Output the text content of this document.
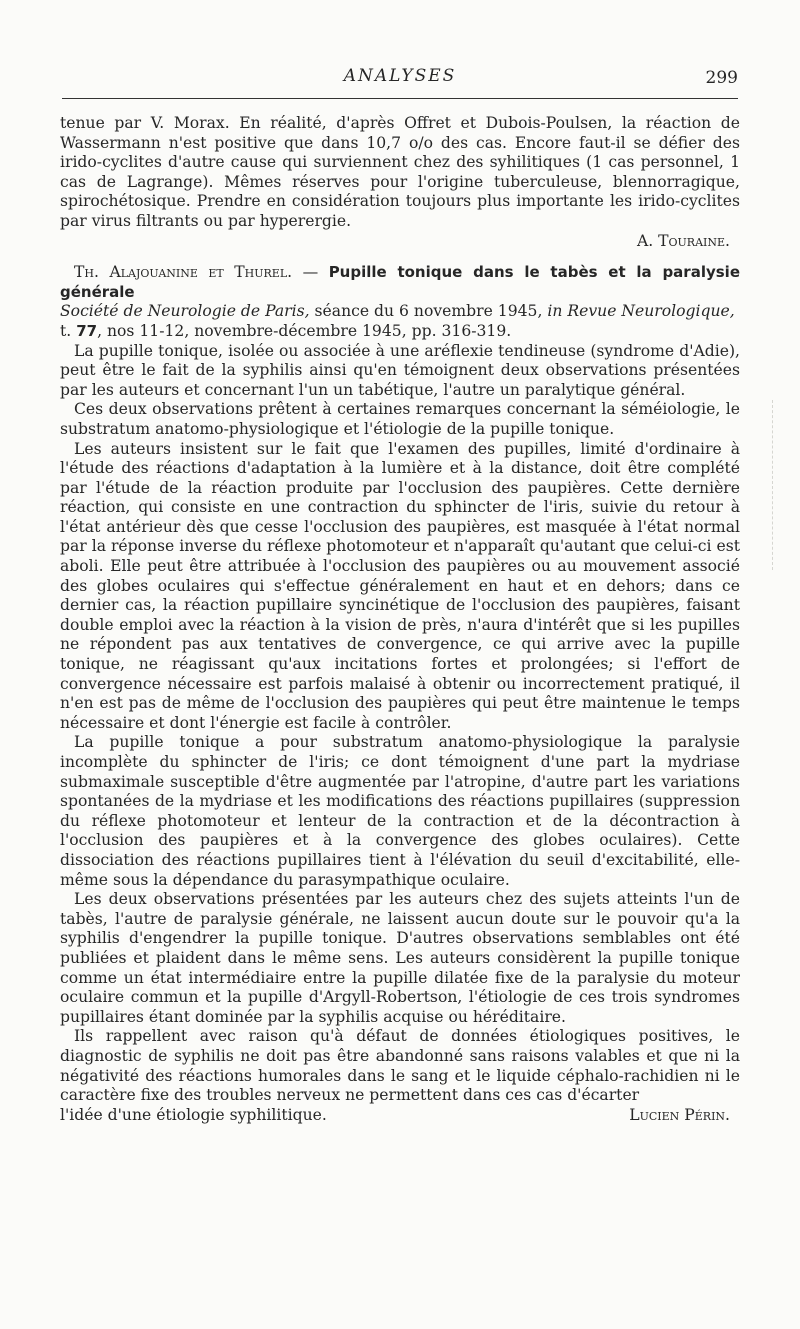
ANALYSES	299

tenue par V. Morax. En réalité, d'après Offret et Dubois-Poulsen, la réaction de Wassermann n'est positive que dans 10,7 o/o des cas. Encore faut-il se défier des irido-cyclites d'autre cause qui surviennent chez des syhilitiques (1 cas personnel, 1 cas de Lagrange). Mêmes réserves pour l'origine tuberculeuse, blennorragique, spirochétosique. Prendre en considération toujours plus importante les irido-cyclites par virus filtrants ou par hyperergie.

A. Touraine.

Th. Alajouanine et Thurel. — Pupille tonique dans le tabès et la paralysie générale
Société de Neurologie de Paris, séance du 6 novembre 1945, in Revue Neurologique,
t. 77, nos 11-12, novembre-décembre 1945, pp. 316-319.

La pupille tonique, isolée ou associée à une aréflexie tendineuse (syndrome d'Adie), peut être le fait de la syphilis ainsi qu'en témoignent deux observations présentées par les auteurs et concernant l'un un tabétique, l'autre un paralytique général.

Ces deux observations prêtent à certaines remarques concernant la séméiologie, le substratum anatomo-physiologique et l'étiologie de la pupille tonique.

Les auteurs insistent sur le fait que l'examen des pupilles, limité d'ordinaire à l'étude des réactions d'adaptation à la lumière et à la distance, doit être complété par l'étude de la réaction produite par l'occlusion des paupières. Cette dernière réaction, qui consiste en une contraction du sphincter de l'iris, suivie du retour à l'état antérieur dès que cesse l'occlusion des paupières, est masquée à l'état normal par la réponse inverse du réflexe photomoteur et n'apparaît qu'autant que celui-ci est aboli. Elle peut être attribuée à l'occlusion des paupières ou au mouvement associé des globes oculaires qui s'effectue généralement en haut et en dehors; dans ce dernier cas, la réaction pupillaire syncinétique de l'occlusion des paupières, faisant double emploi avec la réaction à la vision de près, n'aura d'intérêt que si les pupilles ne répondent pas aux tentatives de convergence, ce qui arrive avec la pupille tonique, ne réagissant qu'aux incitations fortes et prolongées; si l'effort de convergence nécessaire est parfois malaisé à obtenir ou incorrectement pratiqué, il n'en est pas de même de l'occlusion des paupières qui peut être maintenue le temps nécessaire et dont l'énergie est facile à contrôler.

La pupille tonique a pour substratum anatomo-physiologique la paralysie incomplète du sphincter de l'iris; ce dont témoignent d'une part la mydriase submaximale susceptible d'être augmentée par l'atropine, d'autre part les variations spontanées de la mydriase et les modifications des réactions pupillaires (suppression du réflexe photomoteur et lenteur de la contraction et de la décontraction à l'occlusion des paupières et à la convergence des globes oculaires). Cette dissociation des réactions pupillaires tient à l'élévation du seuil d'excitabilité, elle-même sous la dépendance du parasympathique oculaire.

Les deux observations présentées par les auteurs chez des sujets atteints l'un de tabès, l'autre de paralysie générale, ne laissent aucun doute sur le pouvoir qu'a la syphilis d'engendrer la pupille tonique. D'autres observations semblables ont été publiées et plaident dans le même sens. Les auteurs considèrent la pupille tonique comme un état intermédiaire entre la pupille dilatée fixe de la paralysie du moteur oculaire commun et la pupille d'Argyll-Robertson, l'étiologie de ces trois syndromes pupillaires étant dominée par la syphilis acquise ou héréditaire.

Ils rappellent avec raison qu'à défaut de données étiologiques positives, le diagnostic de syphilis ne doit pas être abandonné sans raisons valables et que ni la négativité des réactions humorales dans le sang et le liquide céphalo-rachidien ni le caractère fixe des troubles nerveux ne permettent dans ces cas d'écarter

l'idée d'une étiologie syphilitique.	Lucien Périn.
